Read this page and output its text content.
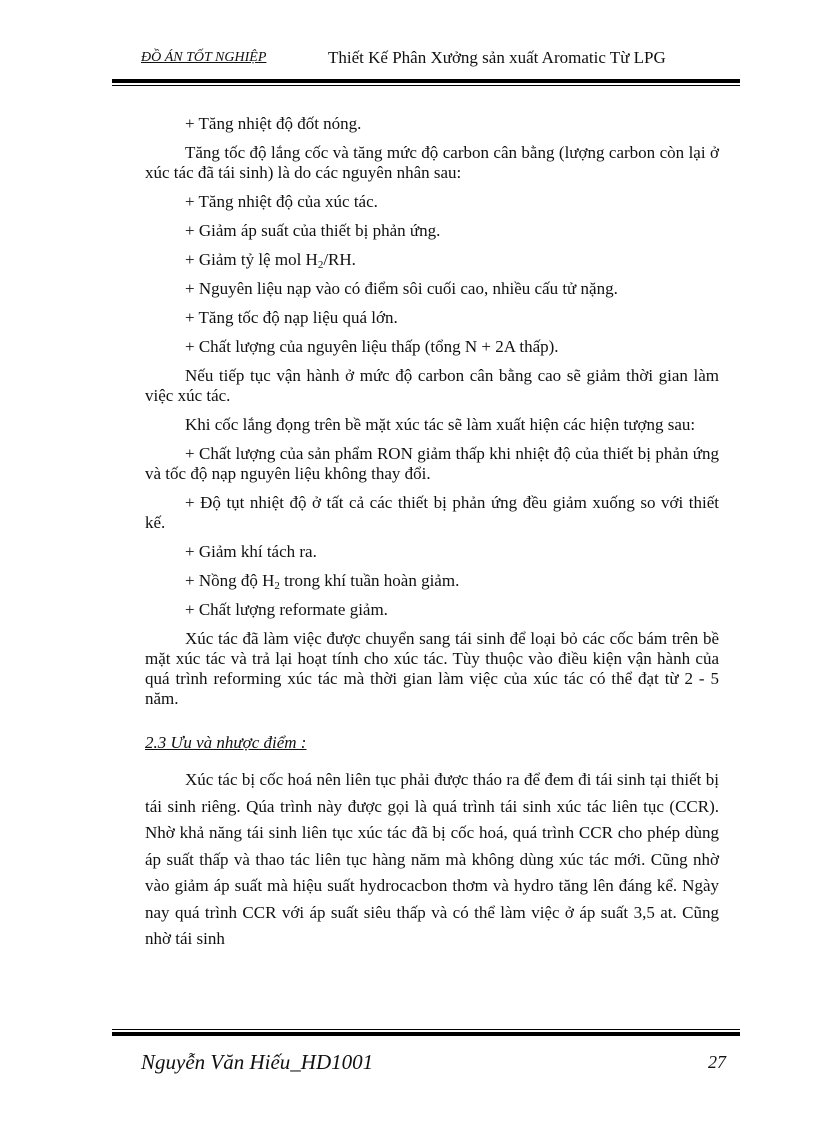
ĐỒ ÁN TỐT NGHIỆP	Thiết Kế Phân Xưởng sản xuất Aromatic Từ LPG

+ Tăng nhiệt độ đốt nóng.

Tăng tốc độ lắng cốc và tăng mức độ carbon cân bằng (lượng carbon còn lại ở xúc tác đã tái sinh) là do các nguyên nhân sau:

+ Tăng nhiệt độ của xúc tác.

+ Giảm áp suất của thiết bị phản ứng.

+ Giảm tỷ lệ mol $H_2/RH$.

+ Nguyên liệu nạp vào có điểm sôi cuối cao, nhiều cấu tử nặng.

+ Tăng tốc độ nạp liệu quá lớn.

+ Chất lượng của nguyên liệu thấp (tổng N + 2A thấp).

Nếu tiếp tục vận hành ở mức độ carbon cân bằng cao sẽ giảm thời gian làm việc xúc tác.

Khi cốc lắng đọng trên bề mặt xúc tác sẽ làm xuất hiện các hiện tượng sau:

+ Chất lượng của sản phẩm RON giảm thấp khi nhiệt độ của thiết bị phản ứng và tốc độ nạp nguyên liệu không thay đổi.

+ Độ tụt nhiệt độ ở tất cả các thiết bị phản ứng đều giảm xuống so với thiết kế.

+ Giảm khí tách ra.

+ Nồng độ $H_2$ trong khí tuần hoàn giảm.

+ Chất lượng reformate giảm.

Xúc tác đã làm việc được chuyển sang tái sinh để loại bỏ các cốc bám trên bề mặt xúc tác và trả lại hoạt tính cho xúc tác. Tùy thuộc vào điều kiện vận hành của quá trình reforming xúc tác mà thời gian làm việc của xúc tác có thể đạt từ 2 - 5 năm.

2.3 Ưu và nhược điểm :

Xúc tác bị cốc hoá nên liên tục phải được tháo ra để đem đi tái sinh tại thiết bị tái sinh riêng. Qúa trình này được gọi là quá trình tái sinh xúc tác liên tục (CCR). Nhờ khả năng tái sinh liên tục xúc tác đã bị cốc hoá, quá trình CCR cho phép dùng áp suất thấp và thao tác liên tục hàng năm mà không dùng xúc tác mới. Cũng nhờ vào giảm áp suất mà hiệu suất hydrocacbon thơm và hydro tăng lên đáng kể. Ngày nay quá trình CCR với áp suất siêu thấp và có thể làm việc ở áp suất 3,5 at. Cũng nhờ tái sinh

Nguyễn Văn Hiếu_HD1001	27
